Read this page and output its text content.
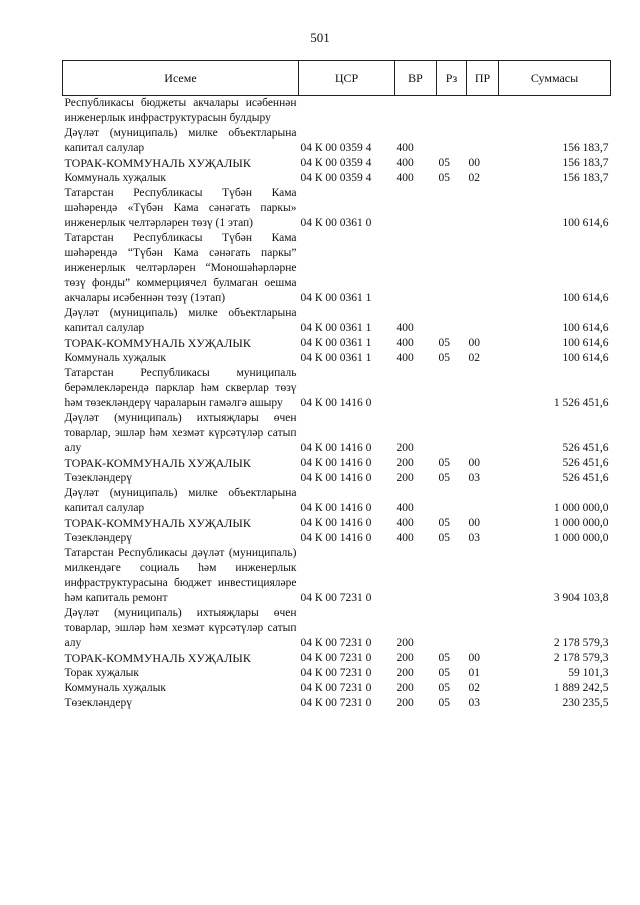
501
Исеме	ЦСР	ВР	Рз	ПР	Суммасы
Республикасы бюджеты акчалары исәбеннән инженерлык инфраструктурасын булдыру					
Дәүләт (муниципаль) милке объектларына капитал салулар	04 К 00 0359 4	400			156 183,7
ТОРАК-КОММУНАЛЬ ХУҖАЛЫК	04 К 00 0359 4	400	05	00	156 183,7
Коммуналь хуҗалык	04 К 00 0359 4	400	05	02	156 183,7
Татарстан Республикасы Түбән Кама шәһәрендә «Түбән Кама сәнәгать паркы» инженерлык челтәрләрен төзү (1 этап)	04 К 00 0361 0				100 614,6
Татарстан Республикасы Түбән Кама шәһәрендә “Түбән Кама сәнәгать паркы” инженерлык челтәрләрен “Моношәһәрләрне төзү фонды” коммерциячел булмаган оешма акчалары исәбеннән төзү (1этап)	04 К 00 0361 1				100 614,6
Дәүләт (муниципаль) милке объектларына капитал салулар	04 К 00 0361 1	400			100 614,6
ТОРАК-КОММУНАЛЬ ХУҖАЛЫК	04 К 00 0361 1	400	05	00	100 614,6
Коммуналь хуҗалык	04 К 00 0361 1	400	05	02	100 614,6
Татарстан Республикасы муниципаль берәмлекләрендә парклар һәм скверлар төзү һәм төзекләндерү чараларын гамәлгә ашыру	04 К 00 1416 0				1 526 451,6
Дәүләт (муниципаль) ихтыяҗлары өчен товарлар, эшләр һәм хезмәт күрсәтүләр сатып алу	04 К 00 1416 0	200			526 451,6
ТОРАК-КОММУНАЛЬ ХУҖАЛЫК	04 К 00 1416 0	200	05	00	526 451,6
Төзекләндерү	04 К 00 1416 0	200	05	03	526 451,6
Дәүләт (муниципаль) милке объектларына капитал салулар	04 К 00 1416 0	400			1 000 000,0
ТОРАК-КОММУНАЛЬ ХУҖАЛЫК	04 К 00 1416 0	400	05	00	1 000 000,0
Төзекләндерү	04 К 00 1416 0	400	05	03	1 000 000,0
Татарстан Республикасы дәүләт (муниципаль) милкендәге социаль һәм инженерлык инфраструктурасына бюджет инвестицияләре һәм капиталь ремонт	04 К 00 7231 0				3 904 103,8
Дәүләт (муниципаль) ихтыяҗлары өчен товарлар, эшләр һәм хезмәт күрсәтүләр сатып алу	04 К 00 7231 0	200			2 178 579,3
ТОРАК-КОММУНАЛЬ ХУҖАЛЫК	04 К 00 7231 0	200	05	00	2 178 579,3
Торак хуҗалык	04 К 00 7231 0	200	05	01	59 101,3
Коммуналь хуҗалык	04 К 00 7231 0	200	05	02	1 889 242,5
Төзекләндерү	04 К 00 7231 0	200	05	03	230 235,5
